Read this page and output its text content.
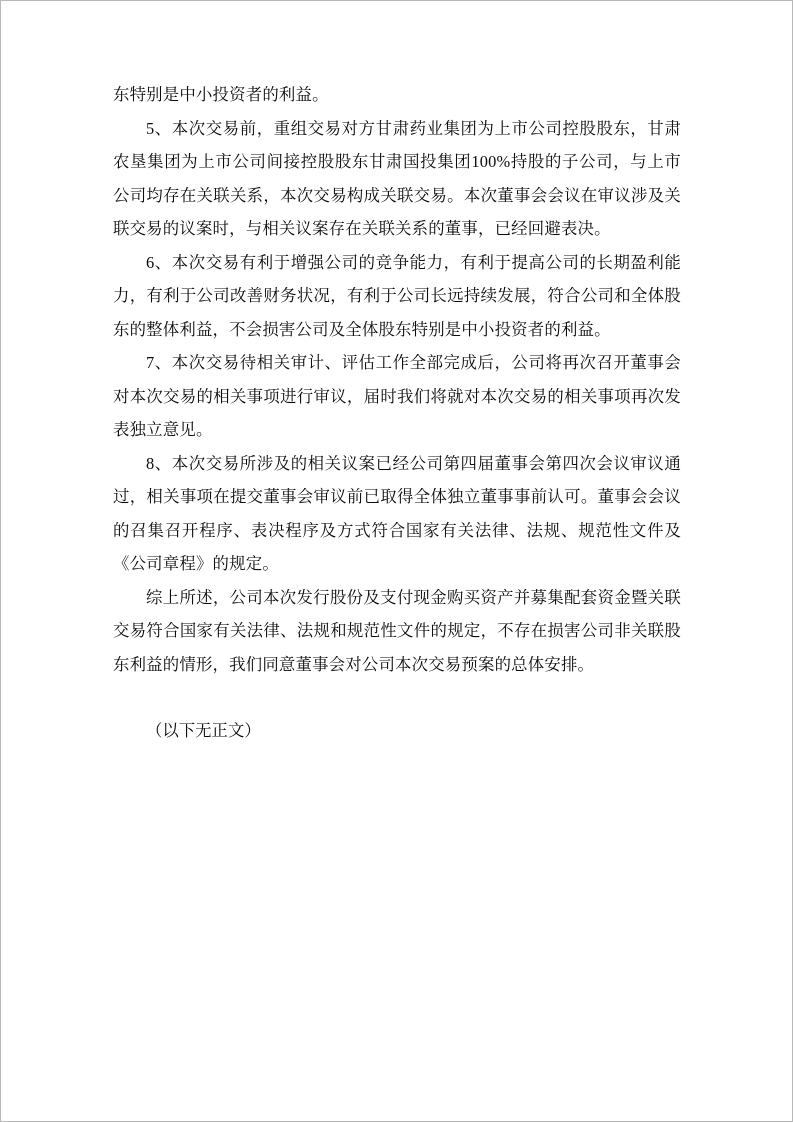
东特别是中小投资者的利益。

5、本次交易前，重组交易对方甘肃药业集团为上市公司控股股东，甘肃农垦集团为上市公司间接控股股东甘肃国投集团100%持股的子公司，与上市公司均存在关联关系，本次交易构成关联交易。本次董事会会议在审议涉及关联交易的议案时，与相关议案存在关联关系的董事，已经回避表决。

6、本次交易有利于增强公司的竞争能力，有利于提高公司的长期盈利能力，有利于公司改善财务状况，有利于公司长远持续发展，符合公司和全体股东的整体利益，不会损害公司及全体股东特别是中小投资者的利益。

7、本次交易待相关审计、评估工作全部完成后，公司将再次召开董事会对本次交易的相关事项进行审议，届时我们将就对本次交易的相关事项再次发表独立意见。

8、本次交易所涉及的相关议案已经公司第四届董事会第四次会议审议通过，相关事项在提交董事会审议前已取得全体独立董事事前认可。董事会会议的召集召开程序、表决程序及方式符合国家有关法律、法规、规范性文件及《公司章程》的规定。

综上所述，公司本次发行股份及支付现金购买资产并募集配套资金暨关联交易符合国家有关法律、法规和规范性文件的规定，不存在损害公司非关联股东利益的情形，我们同意董事会对公司本次交易预案的总体安排。

（以下无正文）
